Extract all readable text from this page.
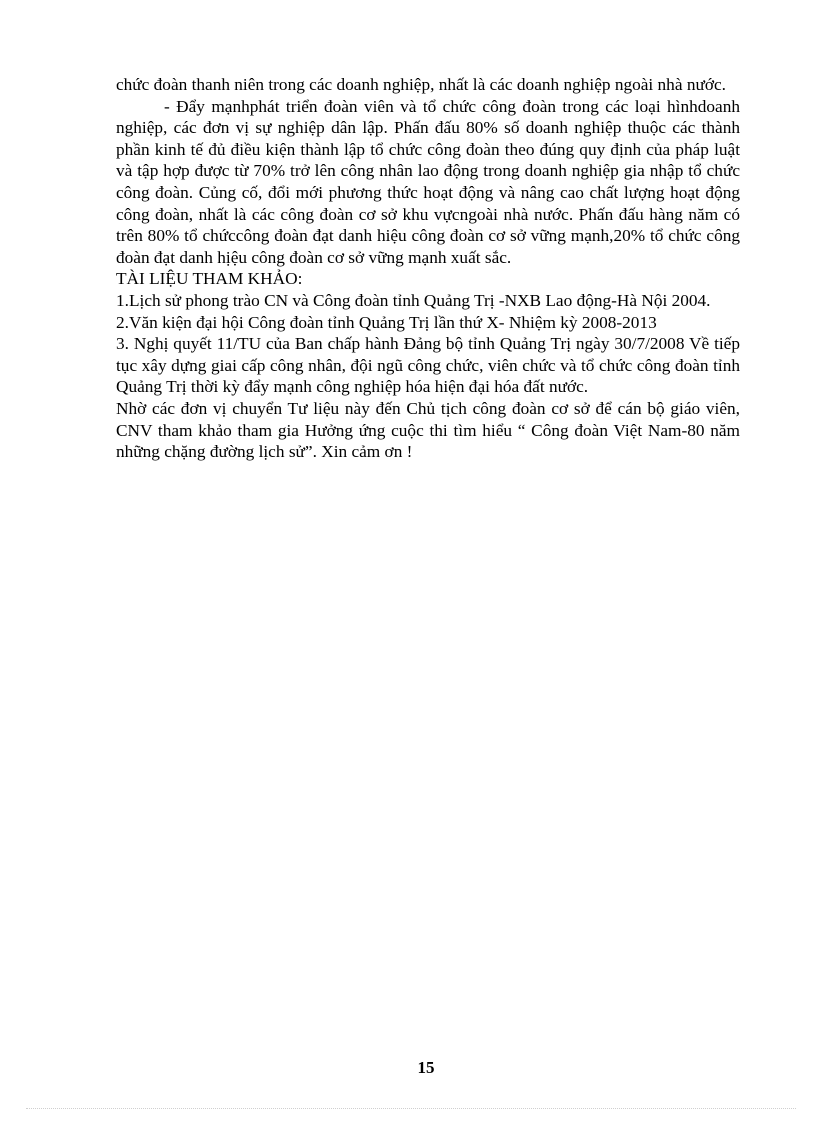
chức đoàn thanh niên trong các doanh nghiệp, nhất là các doanh nghiệp ngoài nhà nước.

- Đẩy mạnhphát triển đoàn viên và tổ chức công đoàn trong các loại hìnhdoanh nghiệp, các đơn vị sự nghiệp dân lập. Phấn đấu 80% số doanh nghiệp thuộc các thành phần kinh tế đủ điều kiện thành lập tổ chức công đoàn theo đúng quy định của pháp luật và tập hợp được từ 70% trở lên công nhân lao động trong doanh nghiệp gia nhập tổ chức công đoàn. Củng cố, đổi mới phương thức hoạt động và nâng cao chất lượng hoạt động công đoàn, nhất là các công đoàn cơ sở khu vựcngoài nhà nước. Phấn đấu hàng năm có trên 80% tổ chứccông đoàn đạt danh hiệu công đoàn cơ sở vững mạnh,20% tổ chức công đoàn đạt danh hịệu công đoàn cơ sở vững mạnh xuất sắc.

TÀI LIỆU THAM KHẢO:

1.Lịch sử phong trào CN và Công đoàn tỉnh Quảng Trị -NXB Lao động-Hà Nội 2004.

2.Văn kiện đại hội Công đoàn tỉnh Quảng Trị lần thứ X- Nhiệm kỳ 2008-2013

3. Nghị quyết 11/TU của Ban chấp hành Đảng bộ tỉnh Quảng Trị ngày 30/7/2008 Về tiếp tục xây dựng giai cấp công nhân, đội ngũ công chức, viên chức và tổ chức công đoàn tỉnh Quảng Trị thời kỳ đẩy mạnh công nghiệp hóa hiện đại hóa đất nước.

Nhờ các đơn vị chuyển Tư liệu này đến Chủ tịch công đoàn cơ sở để cán bộ giáo viên, CNV tham khảo tham gia Hưởng ứng cuộc thi tìm hiểu “ Công đoàn Việt Nam-80 năm những chặng đường lịch sử”. Xin cảm ơn !

15
